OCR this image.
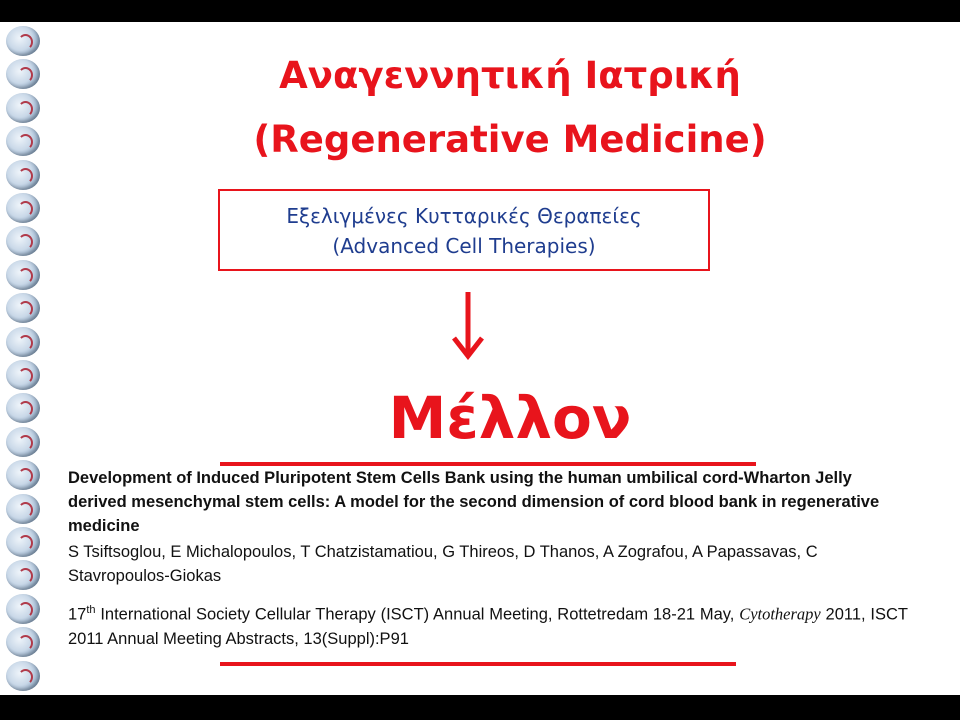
Αναγεννητική Ιατρική
(Regenerative Medicine)
Εξελιγμένες Κυτταρικές Θεραπείες
(Advanced Cell Therapies)
Μέλλον

Development of Induced Pluripotent Stem Cells Bank using the human umbilical cord-Wharton Jelly derived mesenchymal stem cells: A model for the second dimension of cord blood bank in regenerative medicine

S Tsiftsoglou, E Michalopoulos, T Chatzistamatiou, G Thireos, D Thanos, A Zografou, A Papassavas, C Stavropoulos-Giokas

17th International Society Cellular Therapy (ISCT) Annual Meeting, Rottetredam 18-21 May, Cytotherapy 2011, ISCT 2011 Annual Meeting Abstracts, 13(Suppl):P91
